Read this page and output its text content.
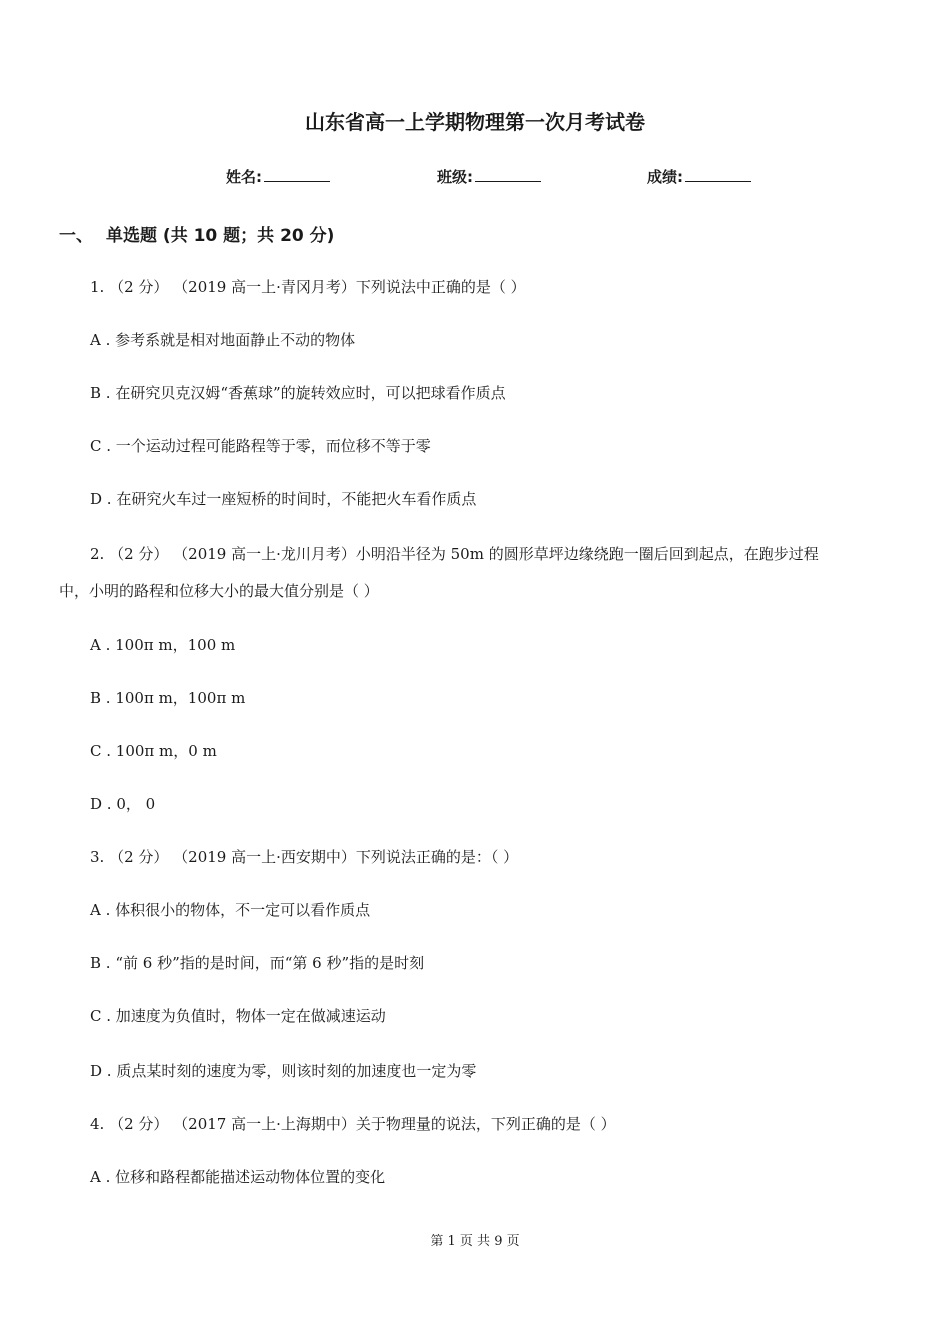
山东省高一上学期物理第一次月考试卷
姓名:	班级:	成绩:
一、 单选题 (共 10 题；共 20 分)
1. （2 分） （2019 高一上·青冈月考）下列说法中正确的是（ ）
A . 参考系就是相对地面静止不动的物体
B . 在研究贝克汉姆“香蕉球”的旋转效应时，可以把球看作质点
C . 一个运动过程可能路程等于零，而位移不等于零
D . 在研究火车过一座短桥的时间时，不能把火车看作质点
2. （2 分） （2019 高一上·龙川月考）小明沿半径为 50m 的圆形草坪边缘绕跑一圈后回到起点，在跑步过程
中，小明的路程和位移大小的最大值分别是（ ）
A . 100π m，100 m
B . 100π m，100π m
C . 100π m，0 m
D . 0， 0
3. （2 分） （2019 高一上·西安期中）下列说法正确的是：（ ）
A . 体积很小的物体，不一定可以看作质点
B . “前 6 秒”指的是时间，而“第 6 秒”指的是时刻
C . 加速度为负值时，物体一定在做减速运动
D . 质点某时刻的速度为零，则该时刻的加速度也一定为零
4. （2 分） （2017 高一上·上海期中）关于物理量的说法，下列正确的是（ ）
A . 位移和路程都能描述运动物体位置的变化
第 1 页 共 9 页
